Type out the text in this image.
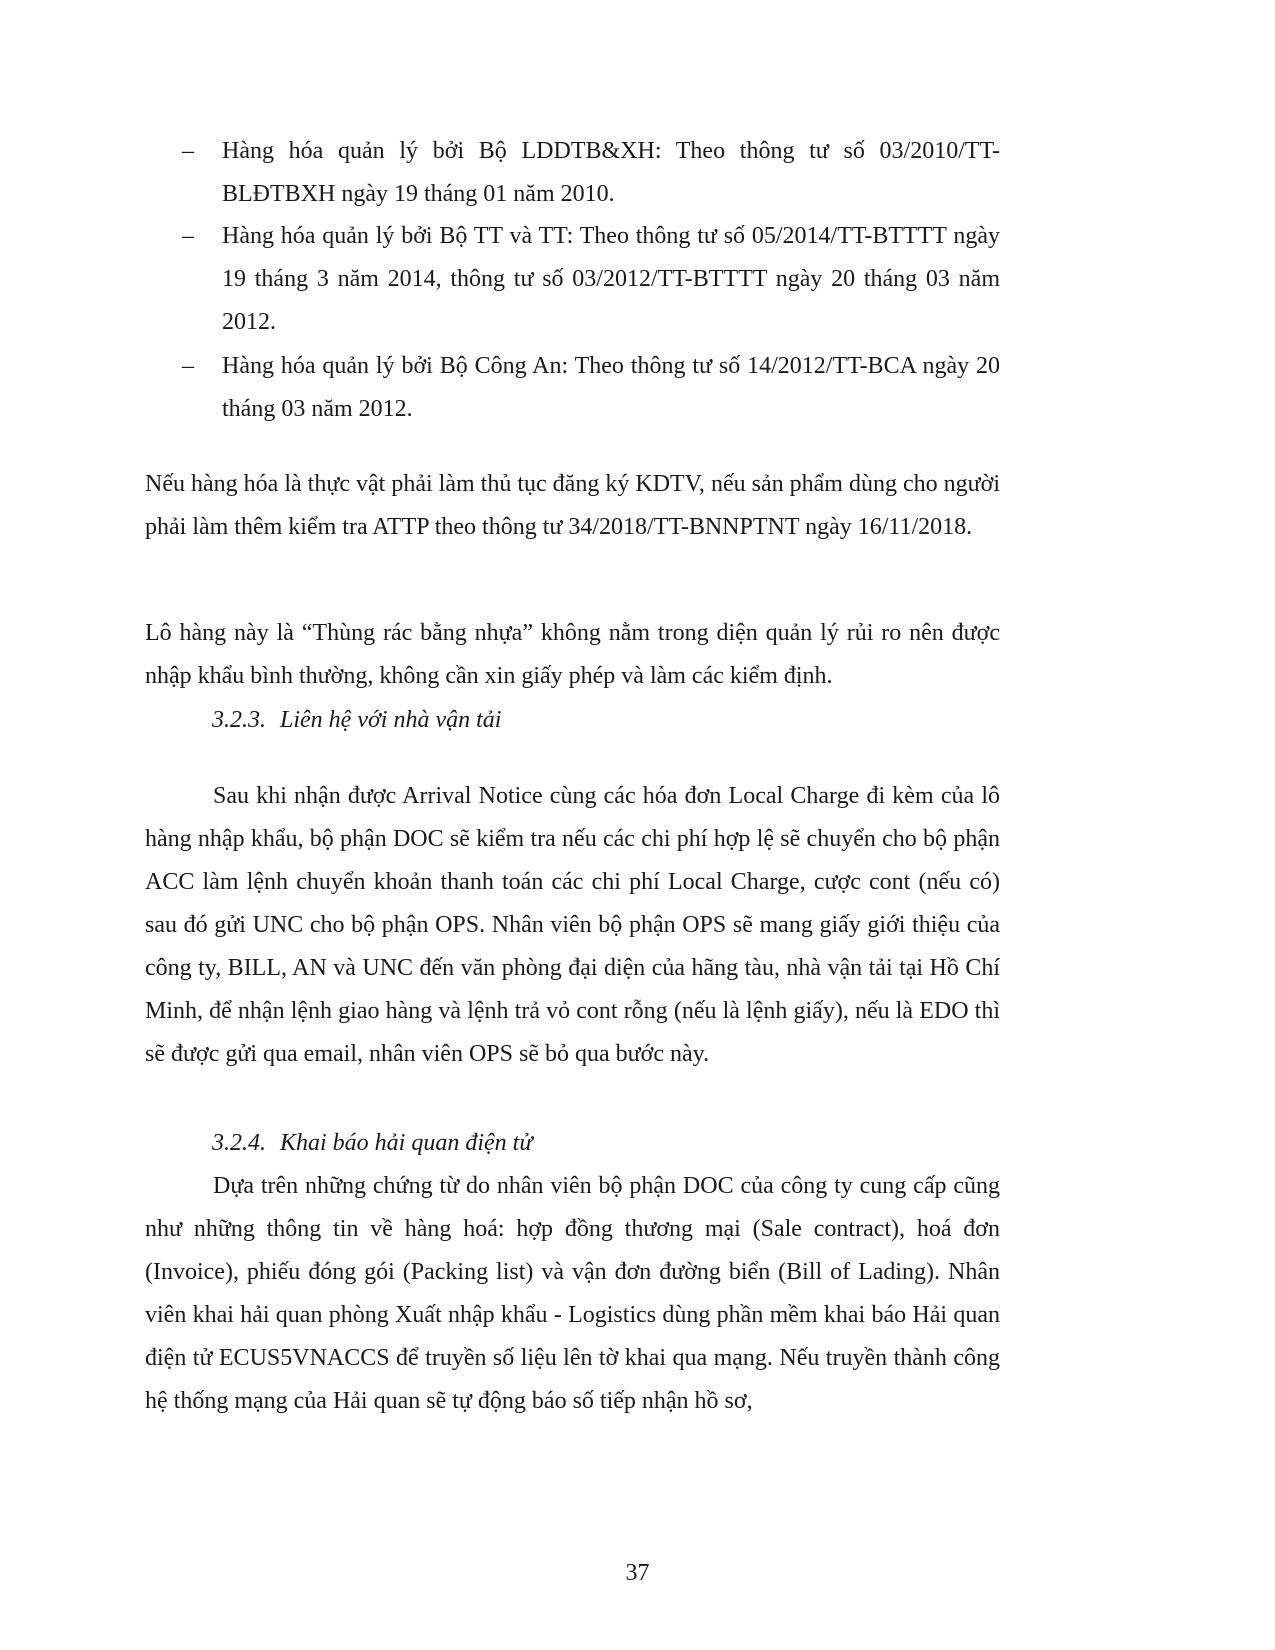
– Hàng hóa quản lý bởi Bộ LDDTB&XH: Theo thông tư số 03/2010/TT-BLĐTBXH ngày 19 tháng 01 năm 2010.
– Hàng hóa quản lý bởi Bộ TT và TT: Theo thông tư số 05/2014/TT-BTTTT ngày 19 tháng 3 năm 2014, thông tư số 03/2012/TT-BTTTT ngày 20 tháng 03 năm 2012.
– Hàng hóa quản lý bởi Bộ Công An: Theo thông tư số 14/2012/TT-BCA ngày 20 tháng 03 năm 2012.
Nếu hàng hóa là thực vật phải làm thủ tục đăng ký KDTV, nếu sản phẩm dùng cho người phải làm thêm kiểm tra ATTP theo thông tư 34/2018/TT-BNNPTNT ngày 16/11/2018.
Lô hàng này là “Thùng rác bằng nhựa” không nằm trong diện quản lý rủi ro nên được nhập khẩu bình thường, không cần xin giấy phép và làm các kiểm định.
3.2.3. Liên hệ với nhà vận tải
Sau khi nhận được Arrival Notice cùng các hóa đơn Local Charge đi kèm của lô hàng nhập khẩu, bộ phận DOC sẽ kiểm tra nếu các chi phí hợp lệ sẽ chuyển cho bộ phận ACC làm lệnh chuyển khoản thanh toán các chi phí Local Charge, cược cont (nếu có) sau đó gửi UNC cho bộ phận OPS. Nhân viên bộ phận OPS sẽ mang giấy giới thiệu của công ty, BILL, AN và UNC đến văn phòng đại diện của hãng tàu, nhà vận tải tại Hồ Chí Minh, để nhận lệnh giao hàng và lệnh trả vỏ cont rỗng (nếu là lệnh giấy), nếu là EDO thì sẽ được gửi qua email, nhân viên OPS sẽ bỏ qua bước này.
3.2.4. Khai báo hải quan điện tử
Dựa trên những chứng từ do nhân viên bộ phận DOC của công ty cung cấp cũng như những thông tin về hàng hoá: hợp đồng thương mại (Sale contract), hoá đơn (Invoice), phiếu đóng gói (Packing list) và vận đơn đường biển (Bill of Lading). Nhân viên khai hải quan phòng Xuất nhập khẩu - Logistics dùng phần mềm khai báo Hải quan điện tử ECUS5VNACCS để truyền số liệu lên tờ khai qua mạng. Nếu truyền thành công hệ thống mạng của Hải quan sẽ tự động báo số tiếp nhận hồ sơ,
37
